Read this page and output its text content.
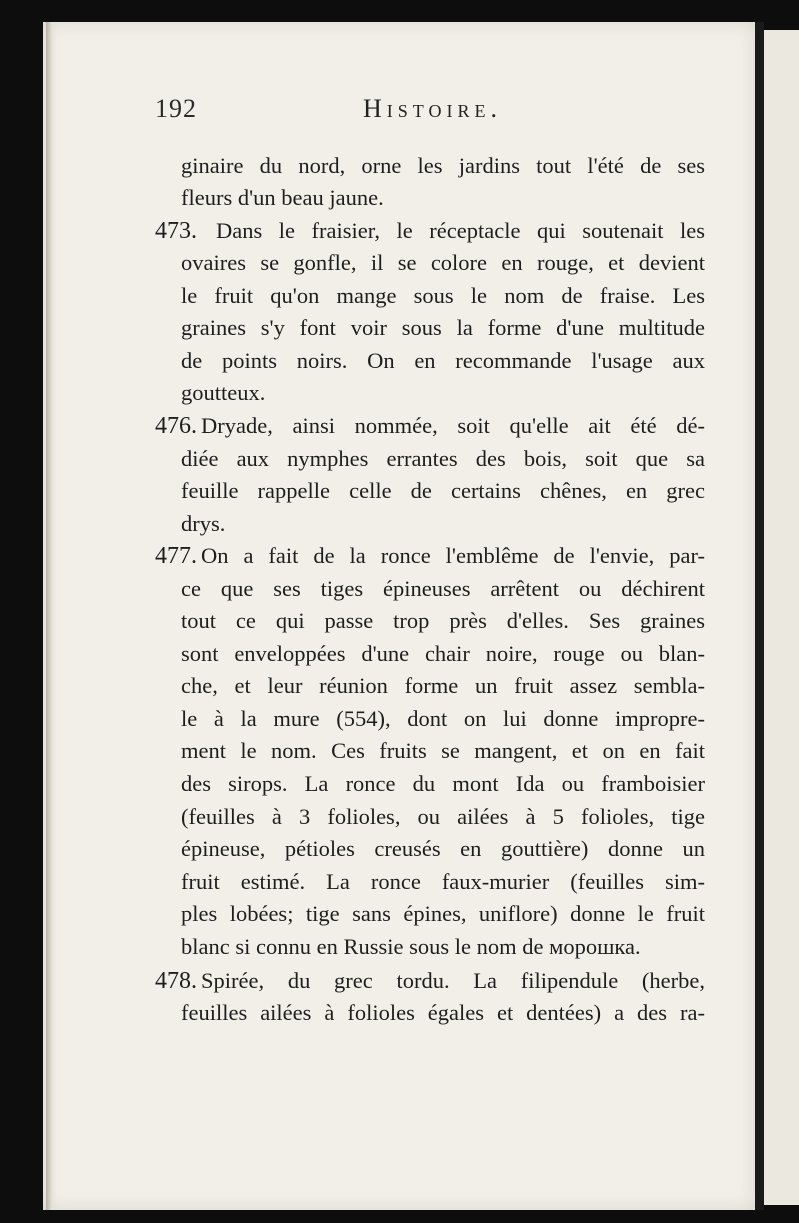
192	Histoire.
473.
476.
477.
478.
ginaire du nord, orne les jardins tout l'été de ses
fleurs d'un beau jaune.
Dans le fraisier, le réceptacle qui soutenait les
ovaires se gonfle, il se colore en rouge, et devient
le fruit qu'on mange sous le nom de fraise. Les
graines s'y font voir sous la forme d'une multitude
de points noirs. On en recommande l'usage aux
goutteux.
Dryade, ainsi nommée, soit qu'elle ait été dé-
diée aux nymphes errantes des bois, soit que sa
feuille rappelle celle de certains chênes, en grec
drys.
On a fait de la ronce l'emblême de l'envie, par-
ce que ses tiges épineuses arrêtent ou déchirent
tout ce qui passe trop près d'elles. Ses graines
sont enveloppées d'une chair noire, rouge ou blan-
che, et leur réunion forme un fruit assez sembla-
le à la mure (554), dont on lui donne impropre-
ment le nom. Ces fruits se mangent, et on en fait
des sirops. La ronce du mont Ida ou framboisier
(feuilles à 3 folioles, ou ailées à 5 folioles, tige
épineuse, pétioles creusés en gouttière) donne un
fruit estimé. La ronce faux-murier (feuilles sim-
ples lobées; tige sans épines, uniflore) donne le fruit
blanc si connu en Russie sous le nom de морошка.
Spirée, du grec tordu. La filipendule (herbe,
feuilles ailées à folioles égales et dentées) a des ra-
